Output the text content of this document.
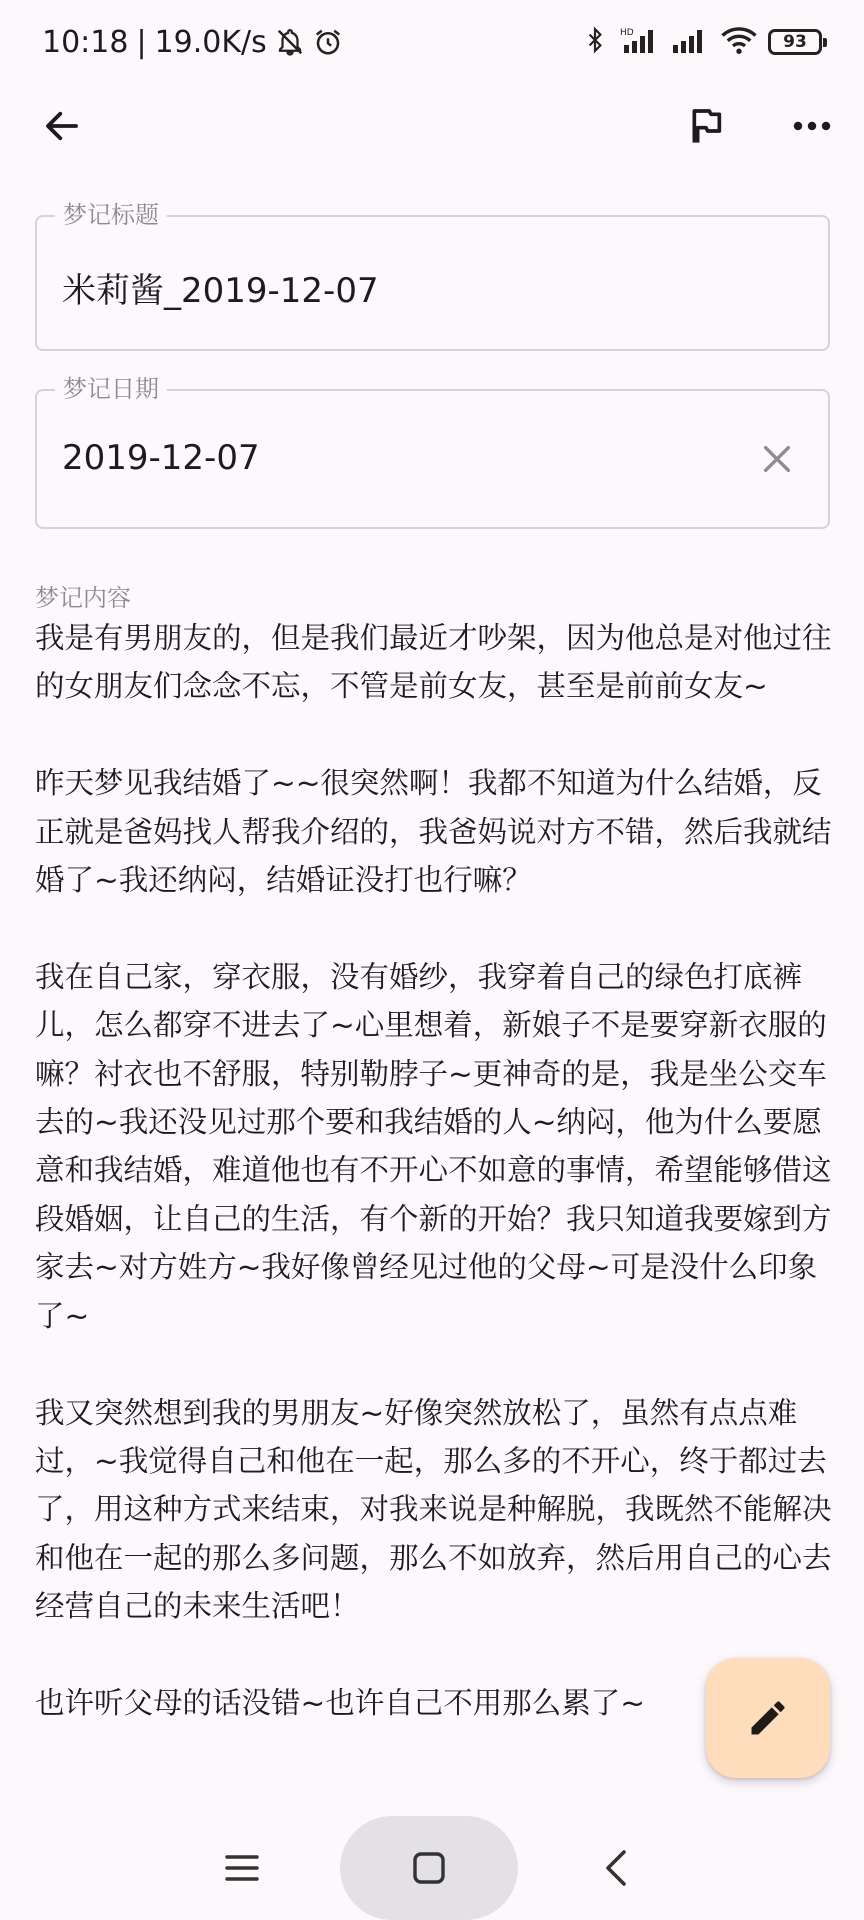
10:18 | 19.0K/s	HD	93
梦记标题
米莉酱_2019-12-07
梦记日期
2019-12-07
梦记内容
我是有男朋友的，但是我们最近才吵架，因为他总是对他过往的女朋友们念念不忘，不管是前女友，甚至是前前女友~

昨天梦见我结婚了~~很突然啊！我都不知道为什么结婚，反正就是爸妈找人帮我介绍的，我爸妈说对方不错，然后我就结婚了~我还纳闷，结婚证没打也行嘛？

我在自己家，穿衣服，没有婚纱，我穿着自己的绿色打底裤儿，怎么都穿不进去了~心里想着，新娘子不是要穿新衣服的嘛？衬衣也不舒服，特别勒脖子~更神奇的是，我是坐公交车去的~我还没见过那个要和我结婚的人~纳闷，他为什么要愿意和我结婚，难道他也有不开心不如意的事情，希望能够借这段婚姻，让自己的生活，有个新的开始？我只知道我要嫁到方家去~对方姓方~我好像曾经见过他的父母~可是没什么印象了~

我又突然想到我的男朋友~好像突然放松了，虽然有点点难过，~我觉得自己和他在一起，那么多的不开心，终于都过去了，用这种方式来结束，对我来说是种解脱，我既然不能解决和他在一起的那么多问题，那么不如放弃，然后用自己的心去经营自己的未来生活吧！

也许听父母的话没错~也许自己不用那么累了~
